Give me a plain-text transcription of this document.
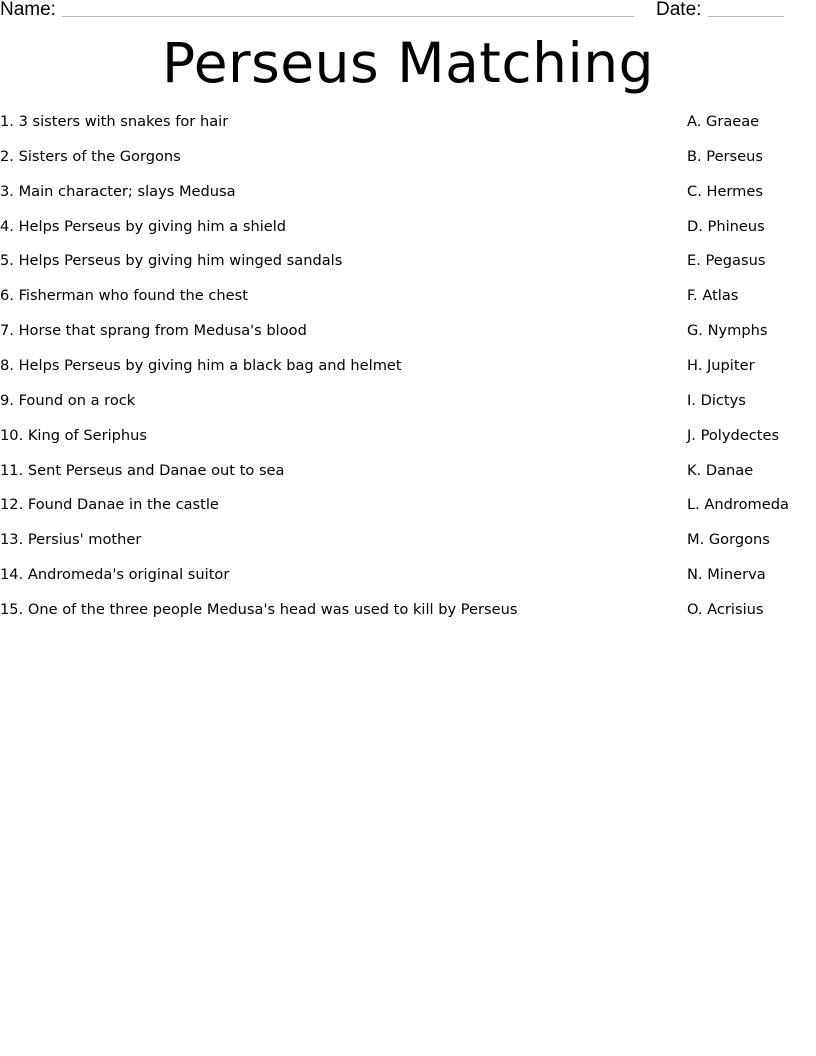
Name:	Date:
Perseus Matching
1. 3 sisters with snakes for hair
2. Sisters of the Gorgons
3. Main character; slays Medusa
4. Helps Perseus by giving him a shield
5. Helps Perseus by giving him winged sandals
6. Fisherman who found the chest
7. Horse that sprang from Medusa's blood
8. Helps Perseus by giving him a black bag and helmet
9. Found on a rock
10. King of Seriphus
11. Sent Perseus and Danae out to sea
12. Found Danae in the castle
13. Persius' mother
14. Andromeda's original suitor
15. One of the three people Medusa's head was used to kill by Perseus
A. Graeae
B. Perseus
C. Hermes
D. Phineus
E. Pegasus
F. Atlas
G. Nymphs
H. Jupiter
I. Dictys
J. Polydectes
K. Danae
L. Andromeda
M. Gorgons
N. Minerva
O. Acrisius
